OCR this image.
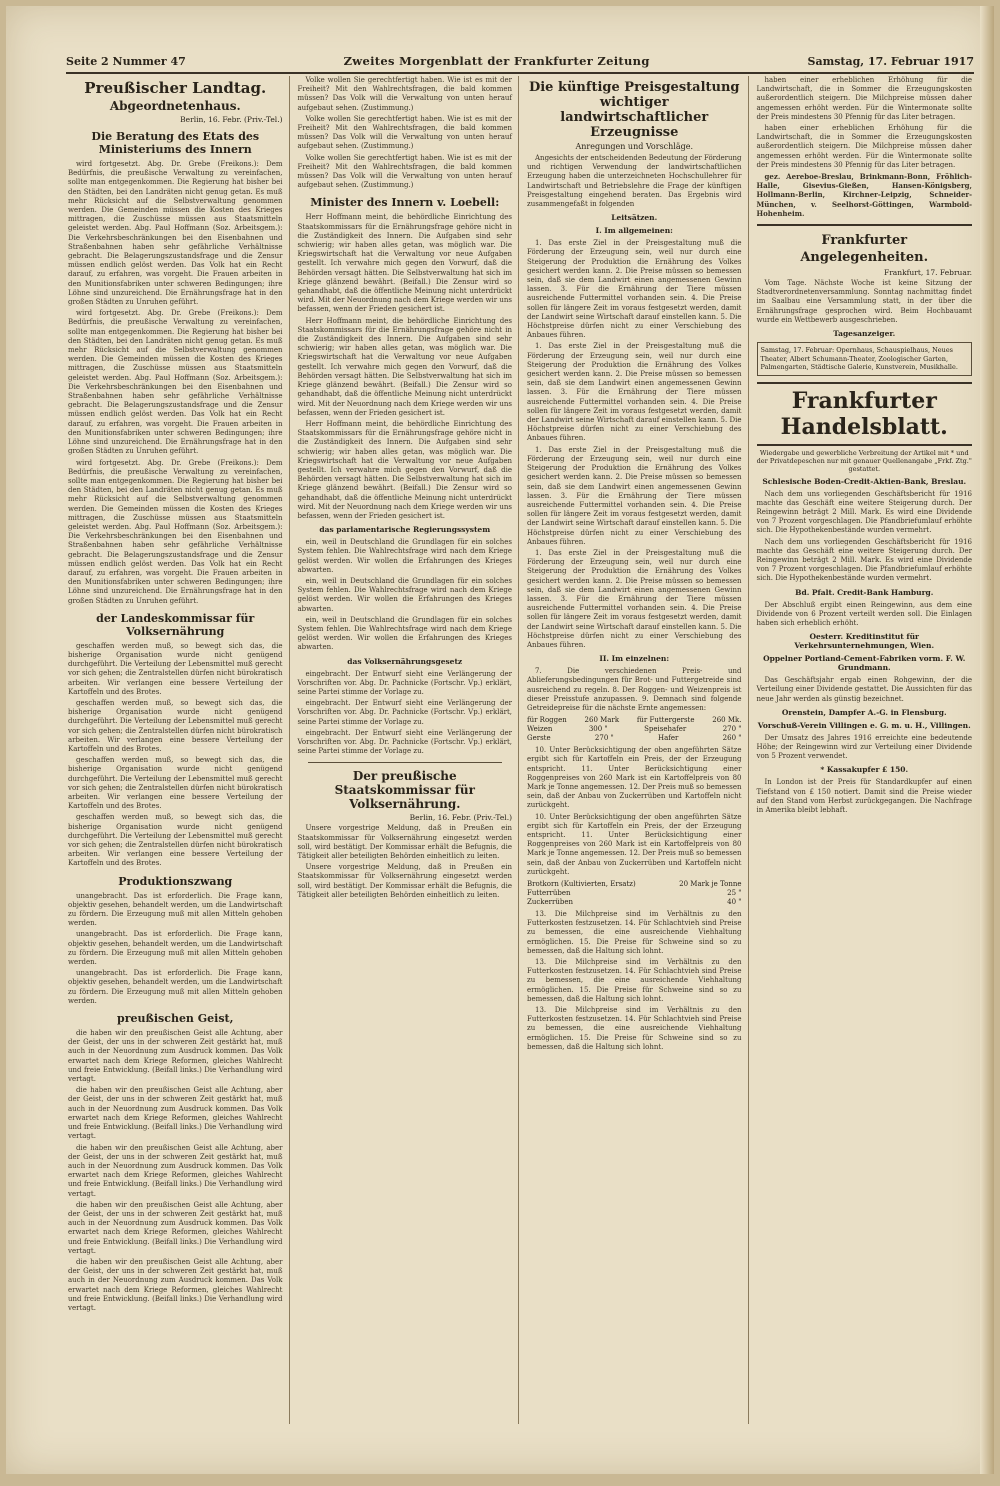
Seite 2 Nummer 47	Zweites Morgenblatt der Frankfurter Zeitung	Samstag, 17. Februar 1917
Preußischer Landtag.
Abgeordnetenhaus.
Berlin, 16. Febr. (Priv.-Tel.)
Die Beratung des Etats des Ministeriums des Innern

wird fortgesetzt. Abg. Dr. Grebe (Freikons.): Dem Bedürfnis, die preußische Verwaltung zu vereinfachen, sollte man entgegenkommen. Die Regierung hat bisher bei den Städten, bei den Landräten nicht genug getan. Es muß mehr Rücksicht auf die Selbstverwaltung genommen werden. Die Gemeinden müssen die Kosten des Krieges mittragen, die Zuschüsse müssen aus Staatsmitteln geleistet werden. Abg. Paul Hoffmann (Soz. Arbeitsgem.): Die Verkehrsbeschränkungen bei den Eisenbahnen und Straßenbahnen haben sehr gefährliche Verhältnisse gebracht. Die Belagerungszustandsfrage und die Zensur müssen endlich gelöst werden. Das Volk hat ein Recht darauf, zu erfahren, was vorgeht. Die Frauen arbeiten in den Munitionsfabriken unter schweren Bedingungen; ihre Löhne sind unzureichend. Die Ernährungsfrage hat in den großen Städten zu Unruhen geführt.

wird fortgesetzt. Abg. Dr. Grebe (Freikons.): Dem Bedürfnis, die preußische Verwaltung zu vereinfachen, sollte man entgegenkommen. Die Regierung hat bisher bei den Städten, bei den Landräten nicht genug getan. Es muß mehr Rücksicht auf die Selbstverwaltung genommen werden. Die Gemeinden müssen die Kosten des Krieges mittragen, die Zuschüsse müssen aus Staatsmitteln geleistet werden. Abg. Paul Hoffmann (Soz. Arbeitsgem.): Die Verkehrsbeschränkungen bei den Eisenbahnen und Straßenbahnen haben sehr gefährliche Verhältnisse gebracht. Die Belagerungszustandsfrage und die Zensur müssen endlich gelöst werden. Das Volk hat ein Recht darauf, zu erfahren, was vorgeht. Die Frauen arbeiten in den Munitionsfabriken unter schweren Bedingungen; ihre Löhne sind unzureichend. Die Ernährungsfrage hat in den großen Städten zu Unruhen geführt.

wird fortgesetzt. Abg. Dr. Grebe (Freikons.): Dem Bedürfnis, die preußische Verwaltung zu vereinfachen, sollte man entgegenkommen. Die Regierung hat bisher bei den Städten, bei den Landräten nicht genug getan. Es muß mehr Rücksicht auf die Selbstverwaltung genommen werden. Die Gemeinden müssen die Kosten des Krieges mittragen, die Zuschüsse müssen aus Staatsmitteln geleistet werden. Abg. Paul Hoffmann (Soz. Arbeitsgem.): Die Verkehrsbeschränkungen bei den Eisenbahnen und Straßenbahnen haben sehr gefährliche Verhältnisse gebracht. Die Belagerungszustandsfrage und die Zensur müssen endlich gelöst werden. Das Volk hat ein Recht darauf, zu erfahren, was vorgeht. Die Frauen arbeiten in den Munitionsfabriken unter schweren Bedingungen; ihre Löhne sind unzureichend. Die Ernährungsfrage hat in den großen Städten zu Unruhen geführt.

der Landeskommissar für Volksernährung

geschaffen werden muß, so bewegt sich das, die bisherige Organisation wurde nicht genügend durchgeführt. Die Verteilung der Lebensmittel muß gerecht vor sich gehen; die Zentralstellen dürfen nicht bürokratisch arbeiten. Wir verlangen eine bessere Verteilung der Kartoffeln und des Brotes.

geschaffen werden muß, so bewegt sich das, die bisherige Organisation wurde nicht genügend durchgeführt. Die Verteilung der Lebensmittel muß gerecht vor sich gehen; die Zentralstellen dürfen nicht bürokratisch arbeiten. Wir verlangen eine bessere Verteilung der Kartoffeln und des Brotes.

geschaffen werden muß, so bewegt sich das, die bisherige Organisation wurde nicht genügend durchgeführt. Die Verteilung der Lebensmittel muß gerecht vor sich gehen; die Zentralstellen dürfen nicht bürokratisch arbeiten. Wir verlangen eine bessere Verteilung der Kartoffeln und des Brotes.

geschaffen werden muß, so bewegt sich das, die bisherige Organisation wurde nicht genügend durchgeführt. Die Verteilung der Lebensmittel muß gerecht vor sich gehen; die Zentralstellen dürfen nicht bürokratisch arbeiten. Wir verlangen eine bessere Verteilung der Kartoffeln und des Brotes.

Produktionszwang

unangebracht. Das ist erforderlich. Die Frage kann, objektiv gesehen, behandelt werden, um die Landwirtschaft zu fördern. Die Erzeugung muß mit allen Mitteln gehoben werden.

unangebracht. Das ist erforderlich. Die Frage kann, objektiv gesehen, behandelt werden, um die Landwirtschaft zu fördern. Die Erzeugung muß mit allen Mitteln gehoben werden.

unangebracht. Das ist erforderlich. Die Frage kann, objektiv gesehen, behandelt werden, um die Landwirtschaft zu fördern. Die Erzeugung muß mit allen Mitteln gehoben werden.

preußischen Geist,

die haben wir den preußischen Geist alle Achtung, aber der Geist, der uns in der schweren Zeit gestärkt hat, muß auch in der Neuordnung zum Ausdruck kommen. Das Volk erwartet nach dem Kriege Reformen, gleiches Wahlrecht und freie Entwicklung. (Beifall links.) Die Verhandlung wird vertagt.

die haben wir den preußischen Geist alle Achtung, aber der Geist, der uns in der schweren Zeit gestärkt hat, muß auch in der Neuordnung zum Ausdruck kommen. Das Volk erwartet nach dem Kriege Reformen, gleiches Wahlrecht und freie Entwicklung. (Beifall links.) Die Verhandlung wird vertagt.

die haben wir den preußischen Geist alle Achtung, aber der Geist, der uns in der schweren Zeit gestärkt hat, muß auch in der Neuordnung zum Ausdruck kommen. Das Volk erwartet nach dem Kriege Reformen, gleiches Wahlrecht und freie Entwicklung. (Beifall links.) Die Verhandlung wird vertagt.

die haben wir den preußischen Geist alle Achtung, aber der Geist, der uns in der schweren Zeit gestärkt hat, muß auch in der Neuordnung zum Ausdruck kommen. Das Volk erwartet nach dem Kriege Reformen, gleiches Wahlrecht und freie Entwicklung. (Beifall links.) Die Verhandlung wird vertagt.

die haben wir den preußischen Geist alle Achtung, aber der Geist, der uns in der schweren Zeit gestärkt hat, muß auch in der Neuordnung zum Ausdruck kommen. Das Volk erwartet nach dem Kriege Reformen, gleiches Wahlrecht und freie Entwicklung. (Beifall links.) Die Verhandlung wird vertagt.

Volke wollen Sie gerechtfertigt haben. Wie ist es mit der Freiheit? Mit den Wahlrechtsfragen, die bald kommen müssen? Das Volk will die Verwaltung von unten herauf aufgebaut sehen. (Zustimmung.)

Volke wollen Sie gerechtfertigt haben. Wie ist es mit der Freiheit? Mit den Wahlrechtsfragen, die bald kommen müssen? Das Volk will die Verwaltung von unten herauf aufgebaut sehen. (Zustimmung.)

Volke wollen Sie gerechtfertigt haben. Wie ist es mit der Freiheit? Mit den Wahlrechtsfragen, die bald kommen müssen? Das Volk will die Verwaltung von unten herauf aufgebaut sehen. (Zustimmung.)

Minister des Innern v. Loebell:

Herr Hoffmann meint, die behördliche Einrichtung des Staatskommissars für die Ernährungsfrage gehöre nicht in die Zuständigkeit des Innern. Die Aufgaben sind sehr schwierig; wir haben alles getan, was möglich war. Die Kriegswirtschaft hat die Verwaltung vor neue Aufgaben gestellt. Ich verwahre mich gegen den Vorwurf, daß die Behörden versagt hätten. Die Selbstverwaltung hat sich im Kriege glänzend bewährt. (Beifall.) Die Zensur wird so gehandhabt, daß die öffentliche Meinung nicht unterdrückt wird. Mit der Neuordnung nach dem Kriege werden wir uns befassen, wenn der Frieden gesichert ist.

Herr Hoffmann meint, die behördliche Einrichtung des Staatskommissars für die Ernährungsfrage gehöre nicht in die Zuständigkeit des Innern. Die Aufgaben sind sehr schwierig; wir haben alles getan, was möglich war. Die Kriegswirtschaft hat die Verwaltung vor neue Aufgaben gestellt. Ich verwahre mich gegen den Vorwurf, daß die Behörden versagt hätten. Die Selbstverwaltung hat sich im Kriege glänzend bewährt. (Beifall.) Die Zensur wird so gehandhabt, daß die öffentliche Meinung nicht unterdrückt wird. Mit der Neuordnung nach dem Kriege werden wir uns befassen, wenn der Frieden gesichert ist.

Herr Hoffmann meint, die behördliche Einrichtung des Staatskommissars für die Ernährungsfrage gehöre nicht in die Zuständigkeit des Innern. Die Aufgaben sind sehr schwierig; wir haben alles getan, was möglich war. Die Kriegswirtschaft hat die Verwaltung vor neue Aufgaben gestellt. Ich verwahre mich gegen den Vorwurf, daß die Behörden versagt hätten. Die Selbstverwaltung hat sich im Kriege glänzend bewährt. (Beifall.) Die Zensur wird so gehandhabt, daß die öffentliche Meinung nicht unterdrückt wird. Mit der Neuordnung nach dem Kriege werden wir uns befassen, wenn der Frieden gesichert ist.

das parlamentarische Regierungssystem

ein, weil in Deutschland die Grundlagen für ein solches System fehlen. Die Wahlrechtsfrage wird nach dem Kriege gelöst werden. Wir wollen die Erfahrungen des Krieges abwarten.

ein, weil in Deutschland die Grundlagen für ein solches System fehlen. Die Wahlrechtsfrage wird nach dem Kriege gelöst werden. Wir wollen die Erfahrungen des Krieges abwarten.

ein, weil in Deutschland die Grundlagen für ein solches System fehlen. Die Wahlrechtsfrage wird nach dem Kriege gelöst werden. Wir wollen die Erfahrungen des Krieges abwarten.

das Volksernährungsgesetz

eingebracht. Der Entwurf sieht eine Verlängerung der Vorschriften vor. Abg. Dr. Pachnicke (Fortschr. Vp.) erklärt, seine Partei stimme der Vorlage zu.

eingebracht. Der Entwurf sieht eine Verlängerung der Vorschriften vor. Abg. Dr. Pachnicke (Fortschr. Vp.) erklärt, seine Partei stimme der Vorlage zu.

eingebracht. Der Entwurf sieht eine Verlängerung der Vorschriften vor. Abg. Dr. Pachnicke (Fortschr. Vp.) erklärt, seine Partei stimme der Vorlage zu.

Der preußische Staatskommissar für Volksernährung.
Berlin, 16. Febr. (Priv.-Tel.)

Unsere vorgestrige Meldung, daß in Preußen ein Staatskommissar für Volksernährung eingesetzt werden soll, wird bestätigt. Der Kommissar erhält die Befugnis, die Tätigkeit aller beteiligten Behörden einheitlich zu leiten.

Unsere vorgestrige Meldung, daß in Preußen ein Staatskommissar für Volksernährung eingesetzt werden soll, wird bestätigt. Der Kommissar erhält die Befugnis, die Tätigkeit aller beteiligten Behörden einheitlich zu leiten.

Die künftige Preisgestaltung wichtiger landwirtschaftlicher Erzeugnisse
Anregungen und Vorschläge.

Angesichts der entscheidenden Bedeutung der Förderung und richtigen Verwendung der landwirtschaftlichen Erzeugung haben die unterzeichneten Hochschullehrer für Landwirtschaft und Betriebslehre die Frage der künftigen Preisgestaltung eingehend beraten. Das Ergebnis wird zusammengefaßt in folgenden

Leitsätzen.
I. Im allgemeinen:

1. Das erste Ziel in der Preisgestaltung muß die Förderung der Erzeugung sein, weil nur durch eine Steigerung der Produktion die Ernährung des Volkes gesichert werden kann. 2. Die Preise müssen so bemessen sein, daß sie dem Landwirt einen angemessenen Gewinn lassen. 3. Für die Ernährung der Tiere müssen ausreichende Futtermittel vorhanden sein. 4. Die Preise sollen für längere Zeit im voraus festgesetzt werden, damit der Landwirt seine Wirtschaft darauf einstellen kann. 5. Die Höchstpreise dürfen nicht zu einer Verschiebung des Anbaues führen.

1. Das erste Ziel in der Preisgestaltung muß die Förderung der Erzeugung sein, weil nur durch eine Steigerung der Produktion die Ernährung des Volkes gesichert werden kann. 2. Die Preise müssen so bemessen sein, daß sie dem Landwirt einen angemessenen Gewinn lassen. 3. Für die Ernährung der Tiere müssen ausreichende Futtermittel vorhanden sein. 4. Die Preise sollen für längere Zeit im voraus festgesetzt werden, damit der Landwirt seine Wirtschaft darauf einstellen kann. 5. Die Höchstpreise dürfen nicht zu einer Verschiebung des Anbaues führen.

1. Das erste Ziel in der Preisgestaltung muß die Förderung der Erzeugung sein, weil nur durch eine Steigerung der Produktion die Ernährung des Volkes gesichert werden kann. 2. Die Preise müssen so bemessen sein, daß sie dem Landwirt einen angemessenen Gewinn lassen. 3. Für die Ernährung der Tiere müssen ausreichende Futtermittel vorhanden sein. 4. Die Preise sollen für längere Zeit im voraus festgesetzt werden, damit der Landwirt seine Wirtschaft darauf einstellen kann. 5. Die Höchstpreise dürfen nicht zu einer Verschiebung des Anbaues führen.

1. Das erste Ziel in der Preisgestaltung muß die Förderung der Erzeugung sein, weil nur durch eine Steigerung der Produktion die Ernährung des Volkes gesichert werden kann. 2. Die Preise müssen so bemessen sein, daß sie dem Landwirt einen angemessenen Gewinn lassen. 3. Für die Ernährung der Tiere müssen ausreichende Futtermittel vorhanden sein. 4. Die Preise sollen für längere Zeit im voraus festgesetzt werden, damit der Landwirt seine Wirtschaft darauf einstellen kann. 5. Die Höchstpreise dürfen nicht zu einer Verschiebung des Anbaues führen.

II. Im einzelnen:

7. Die verschiedenen Preis- und Ablieferungsbedingungen für Brot- und Futtergetreide sind ausreichend zu regeln. 8. Der Roggen- und Weizenpreis ist dieser Preisstufe anzupassen. 9. Demnach sind folgende Getreidepreise für die nächste Ernte angemessen:

für Roggen	260 Mark	für Futtergerste	260 Mk.
Weizen	300 "	Speisehafer	270 "
Gerste	270 "	Hafer	260 "

10. Unter Berücksichtigung der oben angeführten Sätze ergibt sich für Kartoffeln ein Preis, der der Erzeugung entspricht. 11. Unter Berücksichtigung einer Roggenpreises von 260 Mark ist ein Kartoffelpreis von 80 Mark je Tonne angemessen. 12. Der Preis muß so bemessen sein, daß der Anbau von Zuckerrüben und Kartoffeln nicht zurückgeht.

10. Unter Berücksichtigung der oben angeführten Sätze ergibt sich für Kartoffeln ein Preis, der der Erzeugung entspricht. 11. Unter Berücksichtigung einer Roggenpreises von 260 Mark ist ein Kartoffelpreis von 80 Mark je Tonne angemessen. 12. Der Preis muß so bemessen sein, daß der Anbau von Zuckerrüben und Kartoffeln nicht zurückgeht.

Brotkorn (Kultivierten, Ersatz)	20 Mark je Tonne
Futterrüben	25 "
Zuckerrüben	40 "

13. Die Milchpreise sind im Verhältnis zu den Futterkosten festzusetzen. 14. Für Schlachtvieh sind Preise zu bemessen, die eine ausreichende Viehhaltung ermöglichen. 15. Die Preise für Schweine sind so zu bemessen, daß die Haltung sich lohnt.

13. Die Milchpreise sind im Verhältnis zu den Futterkosten festzusetzen. 14. Für Schlachtvieh sind Preise zu bemessen, die eine ausreichende Viehhaltung ermöglichen. 15. Die Preise für Schweine sind so zu bemessen, daß die Haltung sich lohnt.

13. Die Milchpreise sind im Verhältnis zu den Futterkosten festzusetzen. 14. Für Schlachtvieh sind Preise zu bemessen, die eine ausreichende Viehhaltung ermöglichen. 15. Die Preise für Schweine sind so zu bemessen, daß die Haltung sich lohnt.

haben einer erheblichen Erhöhung für die Landwirtschaft, die in Sommer die Erzeugungskosten außerordentlich steigern. Die Milchpreise müssen daher angemessen erhöht werden. Für die Wintermonate sollte der Preis mindestens 30 Pfennig für das Liter betragen.

haben einer erheblichen Erhöhung für die Landwirtschaft, die in Sommer die Erzeugungskosten außerordentlich steigern. Die Milchpreise müssen daher angemessen erhöht werden. Für die Wintermonate sollte der Preis mindestens 30 Pfennig für das Liter betragen.

gez. Aereboe-Breslau, Brinkmann-Bonn, Fröhlich-Halle, Gisevius-Gießen, Hansen-Königsberg, Hollmann-Berlin, Kirchner-Leipzig, Schneider-München, v. Seelhorst-Göttingen, Warmbold-Hohenheim.

Frankfurter Angelegenheiten.
Frankfurt, 17. Februar.

Vom Tage. Nächste Woche ist keine Sitzung der Stadtverordnetenversammlung. Sonntag nachmittag findet im Saalbau eine Versammlung statt, in der über die Ernährungsfrage gesprochen wird. Beim Hochbauamt wurde ein Wettbewerb ausgeschrieben.

Tagesanzeiger.
Samstag, 17. Februar: Opernhaus, Schauspielhaus, Neues Theater, Albert Schumann-Theater, Zoologischer Garten, Palmengarten, Städtische Galerie, Kunstverein, Musikhalle.
Frankfurter Handelsblatt.
Wiedergabe und gewerbliche Verbreitung der Artikel mit * und der Privatdepeschen nur mit genauer Quellenangabe „Frkf. Ztg." gestattet.
Schlesische Boden-Credit-Aktien-Bank, Breslau.

Nach dem uns vorliegenden Geschäftsbericht für 1916 machte das Geschäft eine weitere Steigerung durch. Der Reingewinn beträgt 2 Mill. Mark. Es wird eine Dividende von 7 Prozent vorgeschlagen. Die Pfandbriefumlauf erhöhte sich. Die Hypothekenbestände wurden vermehrt.

Nach dem uns vorliegenden Geschäftsbericht für 1916 machte das Geschäft eine weitere Steigerung durch. Der Reingewinn beträgt 2 Mill. Mark. Es wird eine Dividende von 7 Prozent vorgeschlagen. Die Pfandbriefumlauf erhöhte sich. Die Hypothekenbestände wurden vermehrt.

Bd. Pfalt. Credit-Bank Hamburg.

Der Abschluß ergibt einen Reingewinn, aus dem eine Dividende von 6 Prozent verteilt werden soll. Die Einlagen haben sich erheblich erhöht.

Oesterr. Kreditinstitut für Verkehrsunternehmungen, Wien.
Oppelner Portland-Cement-Fabriken vorm. F. W. Grundmann.

Das Geschäftsjahr ergab einen Rohgewinn, der die Verteilung einer Dividende gestattet. Die Aussichten für das neue Jahr werden als günstig bezeichnet.

Orenstein, Dampfer A.-G. in Flensburg.
Vorschuß-Verein Villingen e. G. m. u. H., Villingen.

Der Umsatz des Jahres 1916 erreichte eine bedeutende Höhe; der Reingewinn wird zur Verteilung einer Dividende von 5 Prozent verwendet.

* Kassakupfer £ 150.

In London ist der Preis für Standardkupfer auf einen Tiefstand von £ 150 notiert. Damit sind die Preise wieder auf den Stand vom Herbst zurückgegangen. Die Nachfrage in Amerika bleibt lebhaft.
